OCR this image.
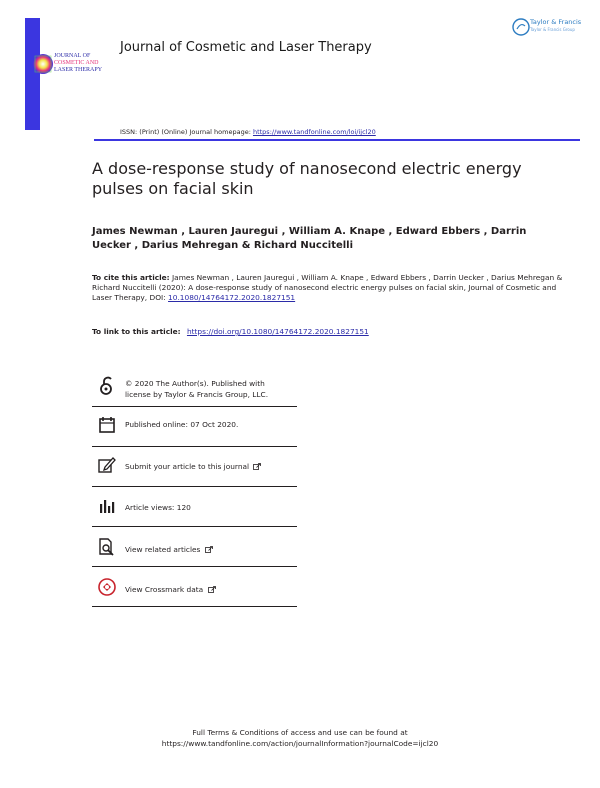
JOURNAL OF
COSMETIC AND
LASER THERAPY
Journal of Cosmetic and Laser Therapy
Taylor & Francis
Taylor & Francis Group
ISSN: (Print) (Online) Journal homepage: https://www.tandfonline.com/loi/ijcl20
A dose-response study of nanosecond electric energy pulses on facial skin
James Newman , Lauren Jauregui , William A. Knape , Edward Ebbers , Darrin Uecker , Darius Mehregan & Richard Nuccitelli
To cite this article: James Newman , Lauren Jauregui , William A. Knape , Edward Ebbers , Darrin Uecker , Darius Mehregan & Richard Nuccitelli (2020): A dose-response study of nanosecond electric energy pulses on facial skin, Journal of Cosmetic and Laser Therapy, DOI: 10.1080/14764172.2020.1827151
To link to this article: https://doi.org/10.1080/14764172.2020.1827151
© 2020 The Author(s). Published with
license by Taylor & Francis Group, LLC.
Published online: 07 Oct 2020.
Submit your article to this journal
Article views: 120
View related articles
View Crossmark data
Full Terms & Conditions of access and use can be found at
https://www.tandfonline.com/action/journalInformation?journalCode=ijcl20
